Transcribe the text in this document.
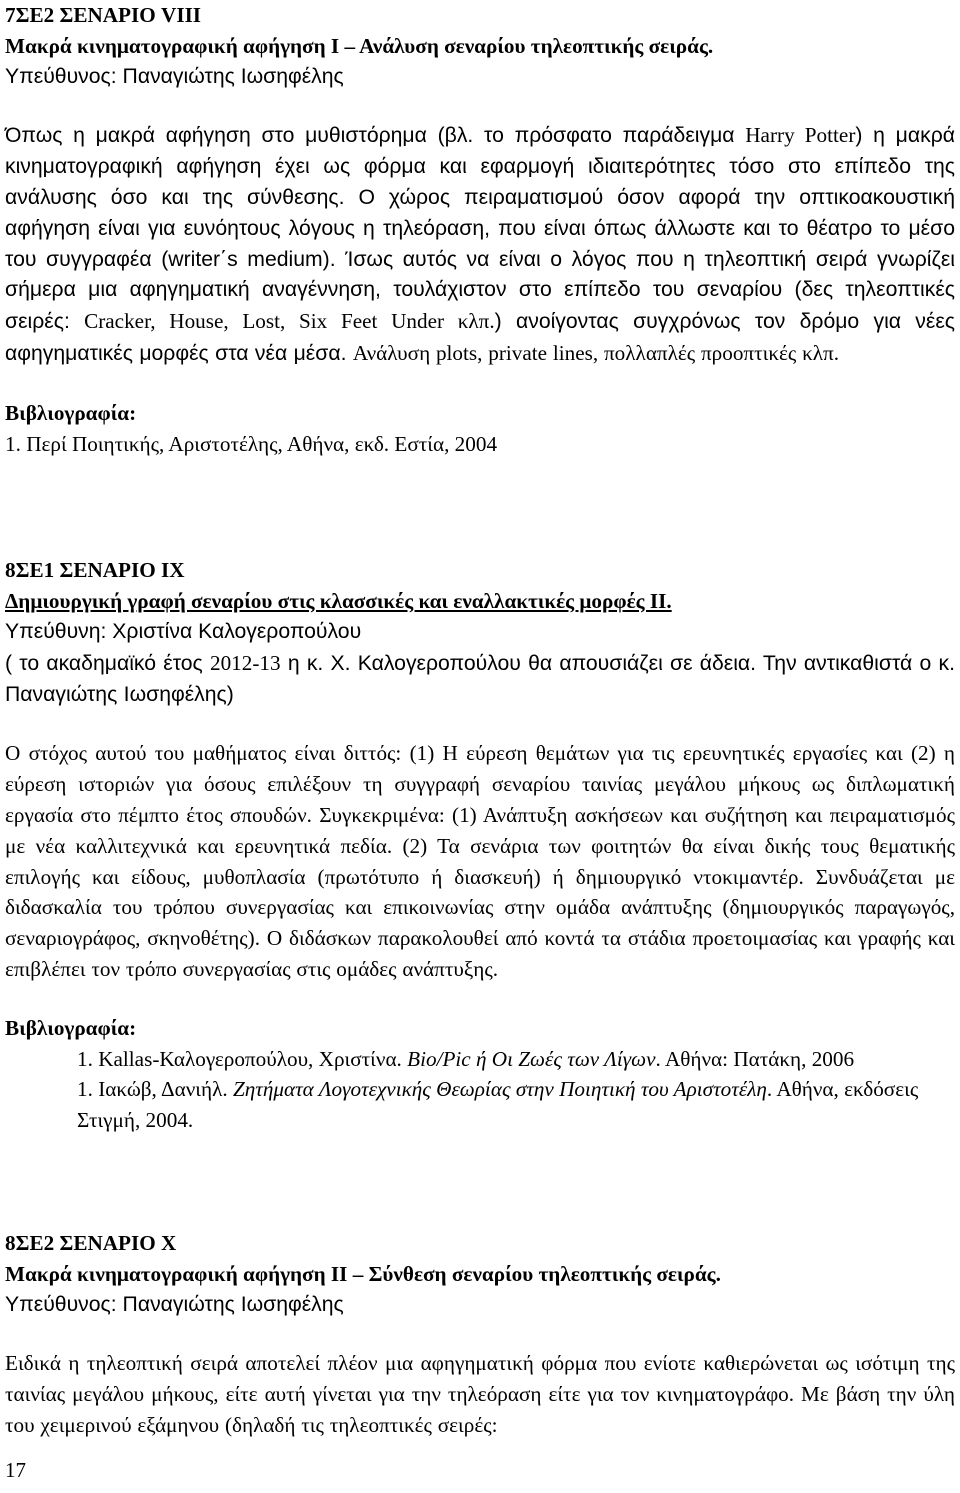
7ΣΕ2 ΣΕΝΑΡΙΟ VIII

Μακρά κινηματογραφική αφήγηση Ι – Ανάλυση σεναρίου τηλεοπτικής σειράς.

Υπεύθυνος: Παναγιώτης Ιωσηφέλης

Όπως η μακρά αφήγηση στο μυθιστόρημα (βλ. το πρόσφατο παράδειγμα Harry Potter) η μακρά κινηματογραφική αφήγηση έχει ως φόρμα και εφαρμογή ιδιαιτερότητες τόσο στο επίπεδο της ανάλυσης όσο και της σύνθεσης. Ο χώρος πειραματισμού όσον αφορά την οπτικοακουστική αφήγηση είναι για ευνόητους λόγους η τηλεόραση, που είναι όπως άλλωστε και το θέατρο το μέσο του συγγραφέα (writer΄s medium). Ίσως αυτός να είναι ο λόγος που η τηλεοπτική σειρά γνωρίζει σήμερα μια αφηγηματική αναγέννηση, τουλάχιστον στο επίπεδο του σεναρίου (δες τηλεοπτικές σειρές: Cracker, House, Lost, Six Feet Under κλπ.) ανοίγοντας συγχρόνως τον δρόμο για νέες αφηγηματικές μορφές στα νέα μέσα. Ανάλυση plots, private lines, πολλαπλές προοπτικές κλπ.

Βιβλιογραφία:

1. Περί Ποιητικής, Αριστοτέλης, Αθήνα, εκδ. Εστία, 2004

8ΣΕ1 ΣΕΝΑΡΙΟ ΙΧ

Δημιουργική γραφή σεναρίου στις κλασσικές και εναλλακτικές μορφές ΙΙ.

Υπεύθυνη: Χριστίνα Καλογεροπούλου

( το ακαδημαϊκό έτος 2012-13 η κ. Χ. Καλογεροπούλου θα απουσιάζει σε άδεια. Την αντικαθιστά ο κ. Παναγιώτης Ιωσηφέλης)

Ο στόχος αυτού του μαθήματος είναι διττός: (1) Η εύρεση θεμάτων για τις ερευνητικές εργασίες και (2) η εύρεση ιστοριών για όσους επιλέξουν τη συγγραφή σεναρίου ταινίας μεγάλου μήκους ως διπλωματική εργασία στο πέμπτο έτος σπουδών. Συγκεκριμένα: (1) Ανάπτυξη ασκήσεων και συζήτηση και πειραματισμός με νέα καλλιτεχνικά και ερευνητικά πεδία. (2) Τα σενάρια των φοιτητών θα είναι δικής τους θεματικής επιλογής και είδους, μυθοπλασία (πρωτότυπο ή διασκευή) ή δημιουργικό ντοκιμαντέρ. Συνδυάζεται με διδασκαλία του τρόπου συνεργασίας και επικοινωνίας στην ομάδα ανάπτυξης (δημιουργικός παραγωγός, σεναριογράφος, σκηνοθέτης). Ο διδάσκων παρακολουθεί από κοντά τα στάδια προετοιμασίας και γραφής και επιβλέπει τον τρόπο συνεργασίας στις ομάδες ανάπτυξης.

Βιβλιογραφία:

1. Kallas-Καλογεροπούλου, Χριστίνα. Bio/Pic ή Οι Ζωές των Λίγων. Αθήνα: Πατάκη, 2006

1. Ιακώβ, Δανιήλ. Ζητήματα Λογοτεχνικής Θεωρίας στην Ποιητική του Αριστοτέλη. Αθήνα, εκδόσεις Στιγμή, 2004.

8ΣΕ2 ΣΕΝΑΡΙΟ Χ

Μακρά κινηματογραφική αφήγηση ΙΙ – Σύνθεση σεναρίου τηλεοπτικής σειράς.

Υπεύθυνος: Παναγιώτης Ιωσηφέλης

Ειδικά η τηλεοπτική σειρά αποτελεί πλέον μια αφηγηματική φόρμα που ενίοτε καθιερώνεται ως ισότιμη της ταινίας μεγάλου μήκους, είτε αυτή γίνεται για την τηλεόραση είτε για τον κινηματογράφο. Με βάση την ύλη του χειμερινού εξάμηνου (δηλαδή τις τηλεοπτικές σειρές:

17
